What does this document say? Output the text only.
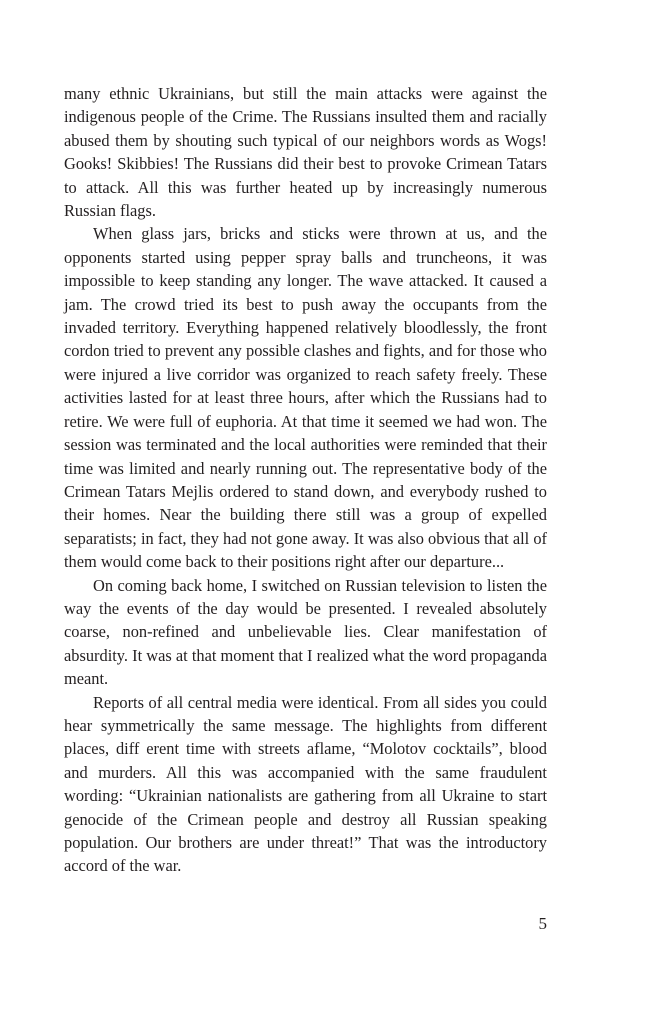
many ethnic Ukrainians, but still the main attacks were against the indigenous people of the Crime. The Russians insulted them and racially abused them by shouting such typical of our neighbors words as Wogs! Gooks! Skibbies! The Russians did their best to provoke Crimean Tatars to attack. All this was further heated up by increasingly numerous Russian flags.

When glass jars, bricks and sticks were thrown at us, and the opponents started using pepper spray balls and truncheons, it was impossible to keep standing any longer. The wave attacked. It caused a jam. The crowd tried its best to push away the occupants from the invaded territory. Everything happened relatively bloodlessly, the front cordon tried to prevent any possible clashes and fights, and for those who were injured a live corridor was organized to reach safety freely. These activities lasted for at least three hours, after which the Russians had to retire. We were full of euphoria. At that time it seemed we had won. The session was terminated and the local authorities were reminded that their time was limited and nearly running out. The representative body of the Crimean Tatars Mejlis ordered to stand down, and everybody rushed to their homes. Near the building there still was a group of expelled separatists; in fact, they had not gone away. It was also obvious that all of them would come back to their positions right after our departure...

On coming back home, I switched on Russian television to listen the way the events of the day would be presented. I revealed absolutely coarse, non-refined and unbelievable lies. Clear manifestation of absurdity. It was at that moment that I realized what the word propaganda meant.

Reports of all central media were identical. From all sides you could hear symmetrically the same message. The highlights from different places, diff erent time with streets aflame, “Molotov cocktails”, blood and murders. All this was accompanied with the same fraudulent wording: “Ukrainian nationalists are gathering from all Ukraine to start genocide of the Crimean people and destroy all Russian speaking population. Our brothers are under threat!” That was the introductory accord of the war.

5
